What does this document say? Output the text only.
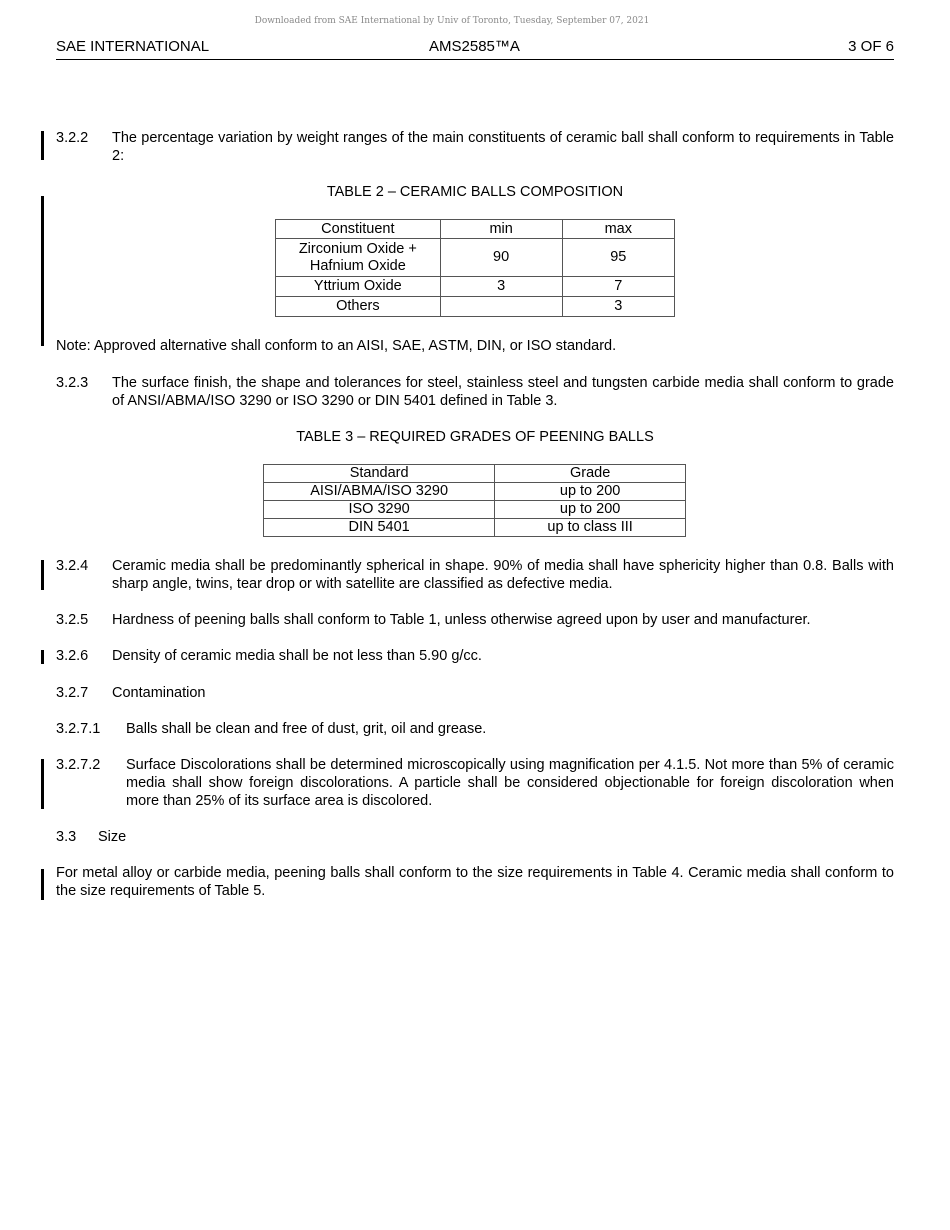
Downloaded from SAE International by Univ of Toronto, Tuesday, September 07, 2021
SAE INTERNATIONAL	AMS2585™A	3 OF 6
3.2.2 The percentage variation by weight ranges of the main constituents of ceramic ball shall conform to requirements in Table 2:
TABLE 2 – CERAMIC BALLS COMPOSITION
Constituent	min	max

Zirconium Oxide +
Hafnium Oxide	90	95
Yttrium Oxide	3	7
Others		3
Note: Approved alternative shall conform to an AISI, SAE, ASTM, DIN, or ISO standard.
3.2.3 The surface finish, the shape and tolerances for steel, stainless steel and tungsten carbide media shall conform to grade of ANSI/ABMA/ISO 3290 or ISO 3290 or DIN 5401 defined in Table 3.
TABLE 3 – REQUIRED GRADES OF PEENING BALLS
Standard	Grade
AISI/ABMA/ISO 3290	up to 200
ISO 3290	up to 200
DIN 5401	up to class III
3.2.4 Ceramic media shall be predominantly spherical in shape. 90% of media shall have sphericity higher than 0.8. Balls with sharp angle, twins, tear drop or with satellite are classified as defective media.
3.2.5 Hardness of peening balls shall conform to Table 1, unless otherwise agreed upon by user and manufacturer.
3.2.6 Density of ceramic media shall be not less than 5.90 g/cc.
3.2.7 Contamination
3.2.7.1 Balls shall be clean and free of dust, grit, oil and grease.
3.2.7.2 Surface Discolorations shall be determined microscopically using magnification per 4.1.5. Not more than 5% of ceramic media shall show foreign discolorations. A particle shall be considered objectionable for foreign discoloration when more than 25% of its surface area is discolored.
3.3 Size
For metal alloy or carbide media, peening balls shall conform to the size requirements in Table 4. Ceramic media shall conform to the size requirements of Table 5.
